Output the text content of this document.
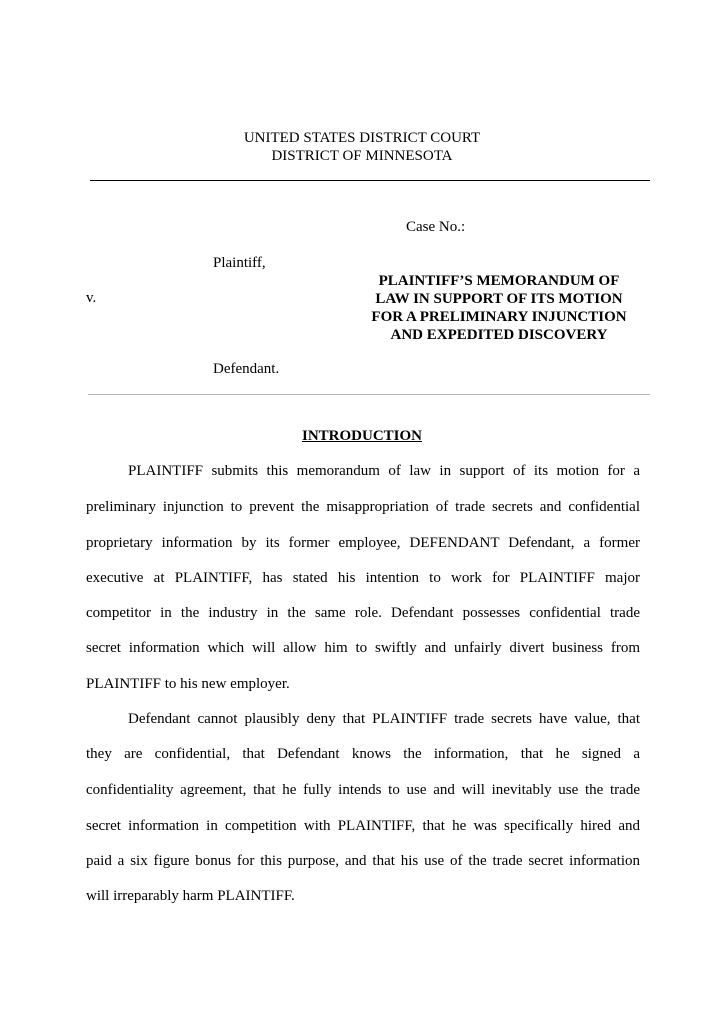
UNITED STATES DISTRICT COURT
DISTRICT OF MINNESOTA
Case No.:
Plaintiff,
v.
Defendant.
PLAINTIFF’S MEMORANDUM OF
LAW IN SUPPORT OF ITS MOTION
FOR A PRELIMINARY INJUNCTION
AND EXPEDITED DISCOVERY
INTRODUCTION
PLAINTIFF submits this memorandum of law in support of its motion for a
preliminary injunction to prevent the misappropriation of trade secrets and confidential
proprietary information by its former employee, DEFENDANT Defendant, a former
executive at PLAINTIFF, has stated his intention to work for PLAINTIFF major
competitor in the industry in the same role. Defendant possesses confidential trade
secret information which will allow him to swiftly and unfairly divert business from
PLAINTIFF to his new employer.
Defendant cannot plausibly deny that PLAINTIFF trade secrets have value, that
they are confidential, that Defendant knows the information, that he signed a
confidentiality agreement, that he fully intends to use and will inevitably use the trade
secret information in competition with PLAINTIFF, that he was specifically hired and
paid a six figure bonus for this purpose, and that his use of the trade secret information
will irreparably harm PLAINTIFF.
